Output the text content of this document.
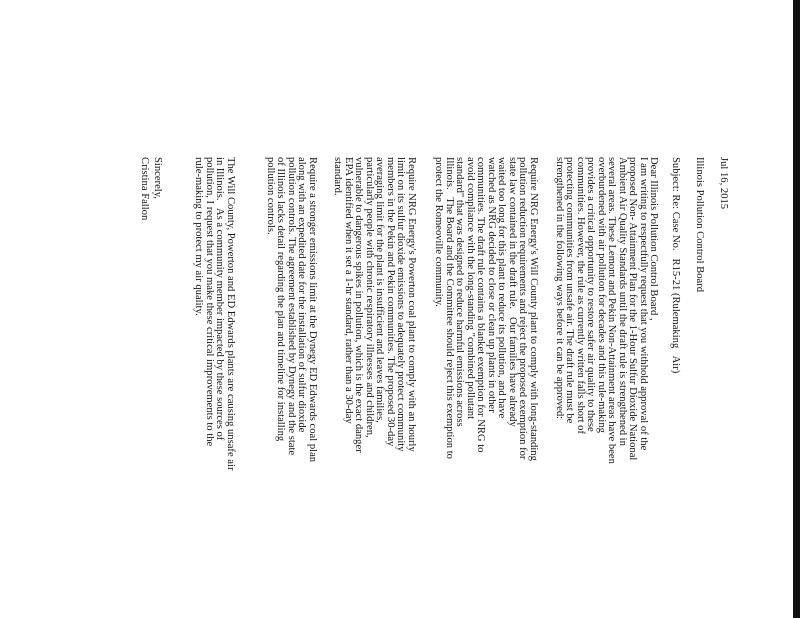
Jul 16, 2015
Illinois Pollution Control Board
Subject: Re: Case No.   R15-21 (Rulemaking   Air)
Dear Illinois Pollution Control Board ,
I am writing to respectfully request that you withhold approval of the
proposed Non- Attainment Plan for the 1-Hour Sulfur Dioxide National
Ambient Air Quality Standards until the draft rule is strengthened in
several areas. These Lemont and Pekin Non-Attainment areas have been
overburdened with air pollution for decades and this rule-making
provides a critical opportunity to restore safer air quality to these
communities. However, the rule as currently written falls short of
protecting communities from unsafe air. The draft rule must be
strengthened in the following ways before it can be approved:
Require NRG Energy's Will County plant to comply with long-standing
pollution reduction requirements and reject the proposed exemption for
state law contained in the draft rule.   Our families have already
waited too long for this plant to reduce its pollution, and have
watched as NRG decided to close or clean up plants in other
communities. The draft rule contains a blanket exemption for NRG to
avoid compliance with the long-standing "combined pollutant
standard" that was designed to reduce harmful emissions across
Illinois.   The Board and the Committee should reject this exemption to
protect the Romeoville community.
Require NRG Energy's Powerton coal plant to comply with an hourly
limit on its sulfur dioxide emissions to adequately protect community
members in the Pekin and Pekin communities. The proposed 30-day
averaging limit for the plant is insufficient and leaves families,
particularly people with chronic respiratory illnesses and children,
vulnerable to dangerous spikes in pollution, which is the exact danger
EPA identified when it set a 1-hr standard, rather than a 30-day
standard.
Require a stronger emissions limit at the Dynegy ED Edwards coal plan
along with an expedited date for the installation of sulfur dioxide
pollution controls. The agreement established by Dynegy and the state
of Illinois lacks detail regarding the plan and timeline for installing
pollution controls.
The Will County, Powerton and ED Edwards plants are causing unsafe air
in Illinois.   As a community member impacted by these sources of
pollution, I request that you make these critical improvements to the
rule-making to protect my air quality.
Sincerely,
Cristina Fallon
